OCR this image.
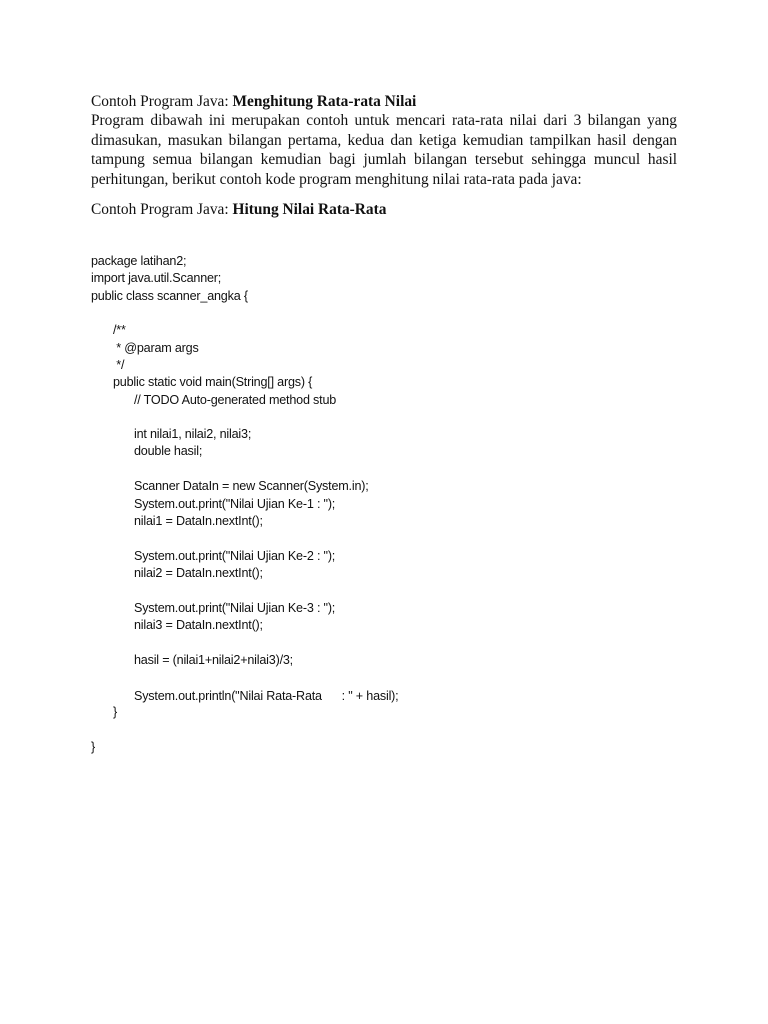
Contoh Program Java: Menghitung Rata-rata Nilai
Program dibawah ini merupakan contoh untuk mencari rata-rata nilai dari 3 bilangan yang dimasukan, masukan bilangan pertama, kedua dan ketiga kemudian tampilkan hasil dengan tampung semua bilangan kemudian bagi jumlah bilangan tersebut sehingga muncul hasil perhitungan, berikut contoh kode program menghitung nilai rata-rata pada java:
Contoh Program Java: Hitung Nilai Rata-Rata

package latihan2;

import java.util.Scanner;

public class scanner_angka {

/**

* @param args

*/

public static void main(String[] args) {

// TODO Auto-generated method stub

int nilai1, nilai2, nilai3;

double hasil;

Scanner DataIn = new Scanner(System.in);

System.out.print("Nilai Ujian Ke-1 : ");

nilai1 = DataIn.nextInt();

System.out.print("Nilai Ujian Ke-2 : ");

nilai2 = DataIn.nextInt();

System.out.print("Nilai Ujian Ke-3 : ");

nilai3 = DataIn.nextInt();

hasil = (nilai1+nilai2+nilai3)/3;

System.out.println("Nilai Rata-Rata      : " + hasil);

}

}
